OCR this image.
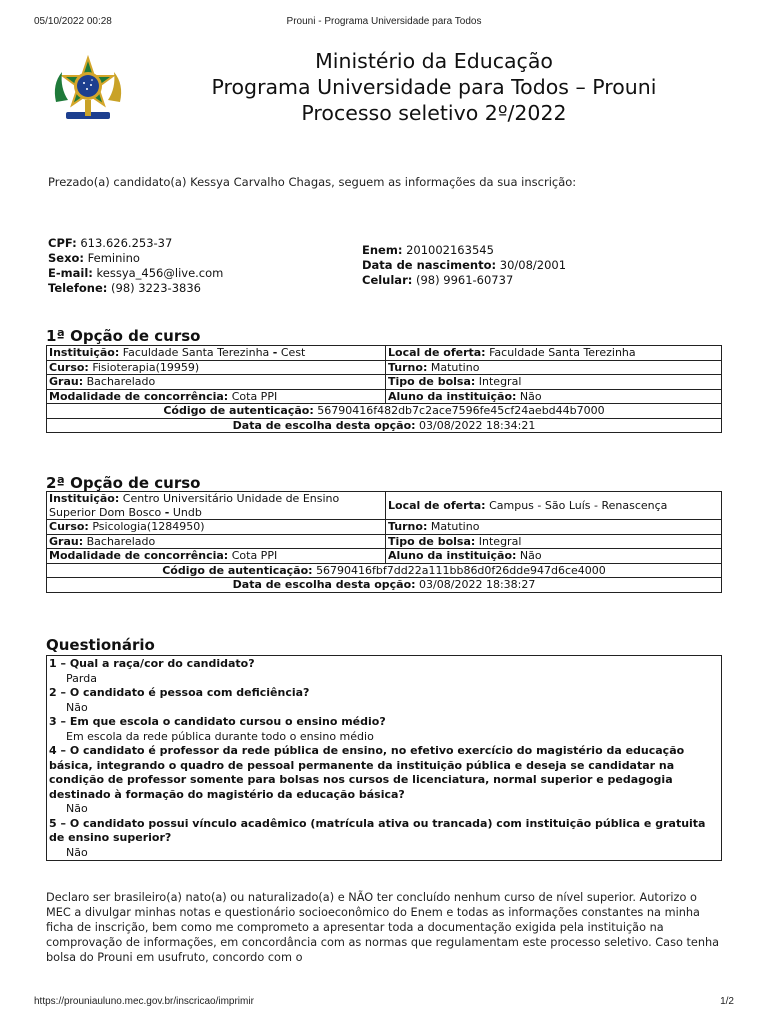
05/10/2022 00:28	Prouni - Programa Universidade para Todos
Ministério da Educação
Programa Universidade para Todos – Prouni
Processo seletivo 2º/2022
Prezado(a) candidato(a) Kessya Carvalho Chagas, seguem as informações da sua inscrição:
CPF: 613.626.253-37
Sexo: Feminino
E-mail: kessya_456@live.com
Telefone: (98) 3223-3836
Enem: 201002163545
Data de nascimento: 30/08/2001
Celular: (98) 9961-60737
1ª Opção de curso
Instituição: Faculdade Santa Terezinha - Cest	Local de oferta: Faculdade Santa Terezinha
Curso: Fisioterapia(19959)	Turno: Matutino
Grau: Bacharelado	Tipo de bolsa: Integral
Modalidade de concorrência: Cota PPI	Aluno da instituição: Não
Código de autenticação: 56790416f482db7c2ace7596fe45cf24aebd44b7000	
Data de escolha desta opção: 03/08/2022 18:34:21	
2ª Opção de curso
Instituição: Centro Universitário Unidade de Ensino Superior Dom Bosco - Undb	Local de oferta: Campus - São Luís - Renascença
Curso: Psicologia(1284950)	Turno: Matutino
Grau: Bacharelado	Tipo de bolsa: Integral
Modalidade de concorrência: Cota PPI	Aluno da instituição: Não
Código de autenticação: 56790416fbf7dd22a111bb86d0f26dde947d6ce4000	
Data de escolha desta opção: 03/08/2022 18:38:27	
Questionário
1 – Qual a raça/cor do candidato?
Parda
2 – O candidato é pessoa com deficiência?
Não
3 – Em que escola o candidato cursou o ensino médio?
Em escola da rede pública durante todo o ensino médio
4 – O candidato é professor da rede pública de ensino, no efetivo exercício do magistério da educação básica, integrando o quadro de pessoal permanente da instituição pública e deseja se candidatar na condição de professor somente para bolsas nos cursos de licenciatura, normal superior e pedagogia destinado à formação do magistério da educação básica?
Não
5 – O candidato possui vínculo acadêmico (matrícula ativa ou trancada) com instituição pública e gratuita de ensino superior?
Não
Declaro ser brasileiro(a) nato(a) ou naturalizado(a) e NÃO ter concluído nenhum curso de nível superior. Autorizo o MEC a divulgar minhas notas e questionário socioeconômico do Enem e todas as informações constantes na minha ficha de inscrição, bem como me comprometo a apresentar toda a documentação exigida pela instituição na comprovação de informações, em concordância com as normas que regulamentam este processo seletivo. Caso tenha bolsa do Prouni em usufruto, concordo com o
https://prouniauluno.mec.gov.br/inscricao/imprimir	1/2
